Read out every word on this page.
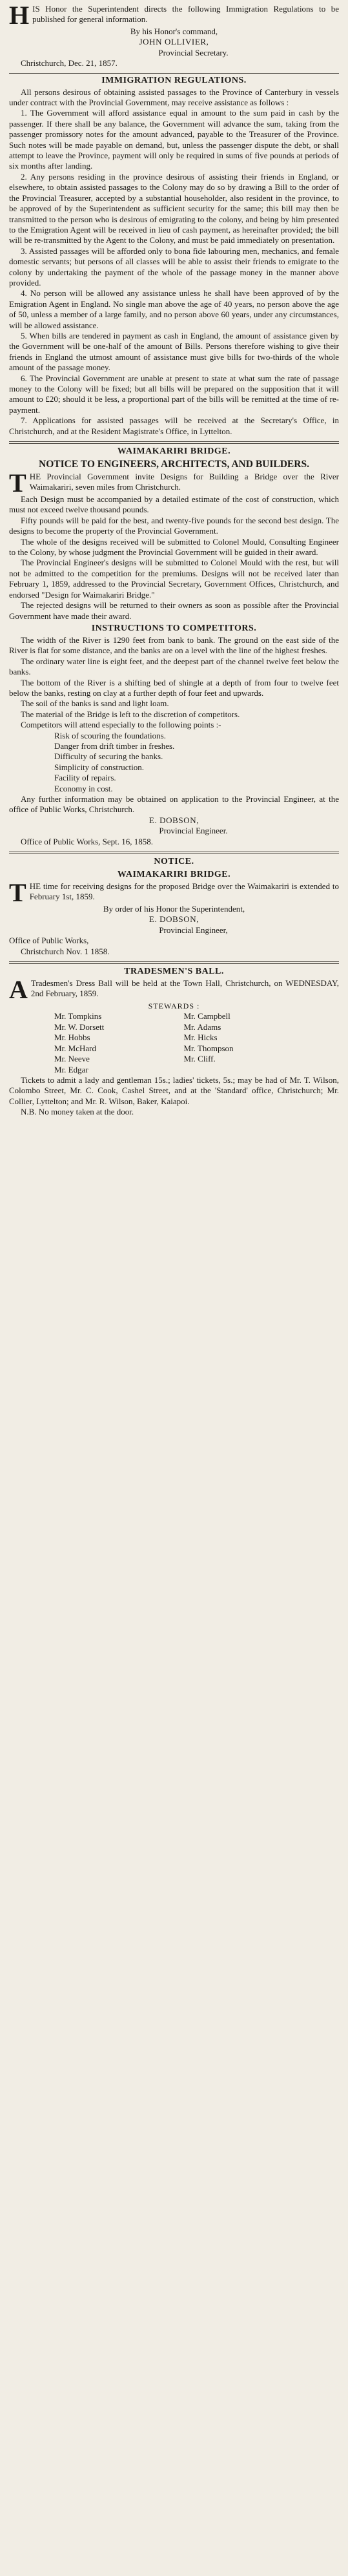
HIS Honor the Superintendent directs the following Immigration Regulations to be published for general information.

By his Honor's command,

JOHN OLLIVIER,

Provincial Secretary.

Christchurch, Dec. 21, 1857.

IMMIGRATION REGULATIONS.

All persons desirous of obtaining assisted passages to the Province of Canterbury in vessels under contract with the Provincial Government, may receive assistance as follows :

1. The Government will afford assistance equal in amount to the sum paid in cash by the passenger. If there shall be any balance, the Government will advance the sum, taking from the passenger promissory notes for the amount advanced, payable to the Treasurer of the Province. Such notes will be made payable on demand, but, unless the passenger dispute the debt, or shall attempt to leave the Province, payment will only be required in sums of five pounds at periods of six months after landing.

2. Any persons residing in the province desirous of assisting their friends in England, or elsewhere, to obtain assisted passages to the Colony may do so by drawing a Bill to the order of the Provincial Treasurer, accepted by a substantial householder, also resident in the province, to be approved of by the Superintendent as sufficient security for the same; this bill may then be transmitted to the person who is desirous of emigrating to the colony, and being by him presented to the Emigration Agent will be received in lieu of cash payment, as hereinafter provided; the bill will be re-transmitted by the Agent to the Colony, and must be paid immediately on presentation.

3. Assisted passages will be afforded only to bona fide labouring men, mechanics, and female domestic servants; but persons of all classes will be able to assist their friends to emigrate to the colony by undertaking the payment of the whole of the passage money in the manner above provided.

4. No person will be allowed any assistance unless he shall have been approved of by the Emigration Agent in England. No single man above the age of 40 years, no person above the age of 50, unless a member of a large family, and no person above 60 years, under any circumstances, will be allowed assistance.

5. When bills are tendered in payment as cash in England, the amount of assistance given by the Government will be one-half of the amount of Bills. Persons therefore wishing to give their friends in England the utmost amount of assistance must give bills for two-thirds of the whole amount of the passage money.

6. The Provincial Government are unable at present to state at what sum the rate of passage money to the Colony will be fixed; but all bills will be prepared on the supposition that it will amount to £20; should it be less, a proportional part of the bills will be remitted at the time of re-payment.

7. Applications for assisted passages will be received at the Secretary's Office, in Christchurch, and at the Resident Magistrate's Office, in Lyttelton.

WAIMAKARIRI BRIDGE.
NOTICE TO ENGINEERS, ARCHITECTS, AND BUILDERS.

THE Provincial Government invite Designs for Building a Bridge over the River Waimakariri, seven miles from Christchurch.

Each Design must be accompanied by a detailed estimate of the cost of construction, which must not exceed twelve thousand pounds.

Fifty pounds will be paid for the best, and twenty-five pounds for the second best design. The designs to become the property of the Provincial Government.

The whole of the designs received will be submitted to Colonel Mould, Consulting Engineer to the Colony, by whose judgment the Provincial Government will be guided in their award.

The Provincial Engineer's designs will be submitted to Colonel Mould with the rest, but will not be admitted to the competition for the premiums. Designs will not be received later than February 1, 1859, addressed to the Provincial Secretary, Government Offices, Christchurch, and endorsed "Design for Waimakariri Bridge."

The rejected designs will be returned to their owners as soon as possible after the Provincial Government have made their award.

INSTRUCTIONS TO COMPETITORS.

The width of the River is 1290 feet from bank to bank. The ground on the east side of the River is flat for some distance, and the banks are on a level with the line of the highest freshes.

The ordinary water line is eight feet, and the deepest part of the channel twelve feet below the banks.

The bottom of the River is a shifting bed of shingle at a depth of from four to twelve feet below the banks, resting on clay at a further depth of four feet and upwards.

The soil of the banks is sand and light loam.

The material of the Bridge is left to the discretion of competitors.

Competitors will attend especially to the following points :-

Risk of scouring the foundations.

Danger from drift timber in freshes.

Difficulty of securing the banks.

Simplicity of construction.

Facility of repairs.

Economy in cost.

Any further information may be obtained on application to the Provincial Engineer, at the office of Public Works, Christchurch.

E. DOBSON,

Provincial Engineer.

Office of Public Works, Sept. 16, 1858.

NOTICE.
WAIMAKARIRI BRIDGE.

THE time for receiving designs for the proposed Bridge over the Waimakariri is extended to February 1st, 1859.

By order of his Honor the Superintendent,

E. DOBSON,

Provincial Engineer,

Office of Public Works,

Christchurch Nov. 1 1858.

TRADESMEN'S BALL.

A Tradesmen's Dress Ball will be held at the Town Hall, Christchurch, on WEDNESDAY, 2nd February, 1859.

STEWARDS :

Mr. Tompkins	Mr. Campbell
Mr. W. Dorsett	Mr. Adams
Mr. Hobbs	Mr. Hicks
Mr. McHard	Mr. Thompson
Mr. Neeve	Mr. Cliff.
Mr. Edgar

Tickets to admit a lady and gentleman 15s.; ladies' tickets, 5s.; may be had of Mr. T. Wilson, Colombo Street, Mr. C. Cook, Cashel Street, and at the 'Standard' office, Christchurch; Mr. Collier, Lyttelton; and Mr. R. Wilson, Baker, Kaiapoi.

N.B. No money taken at the door.
